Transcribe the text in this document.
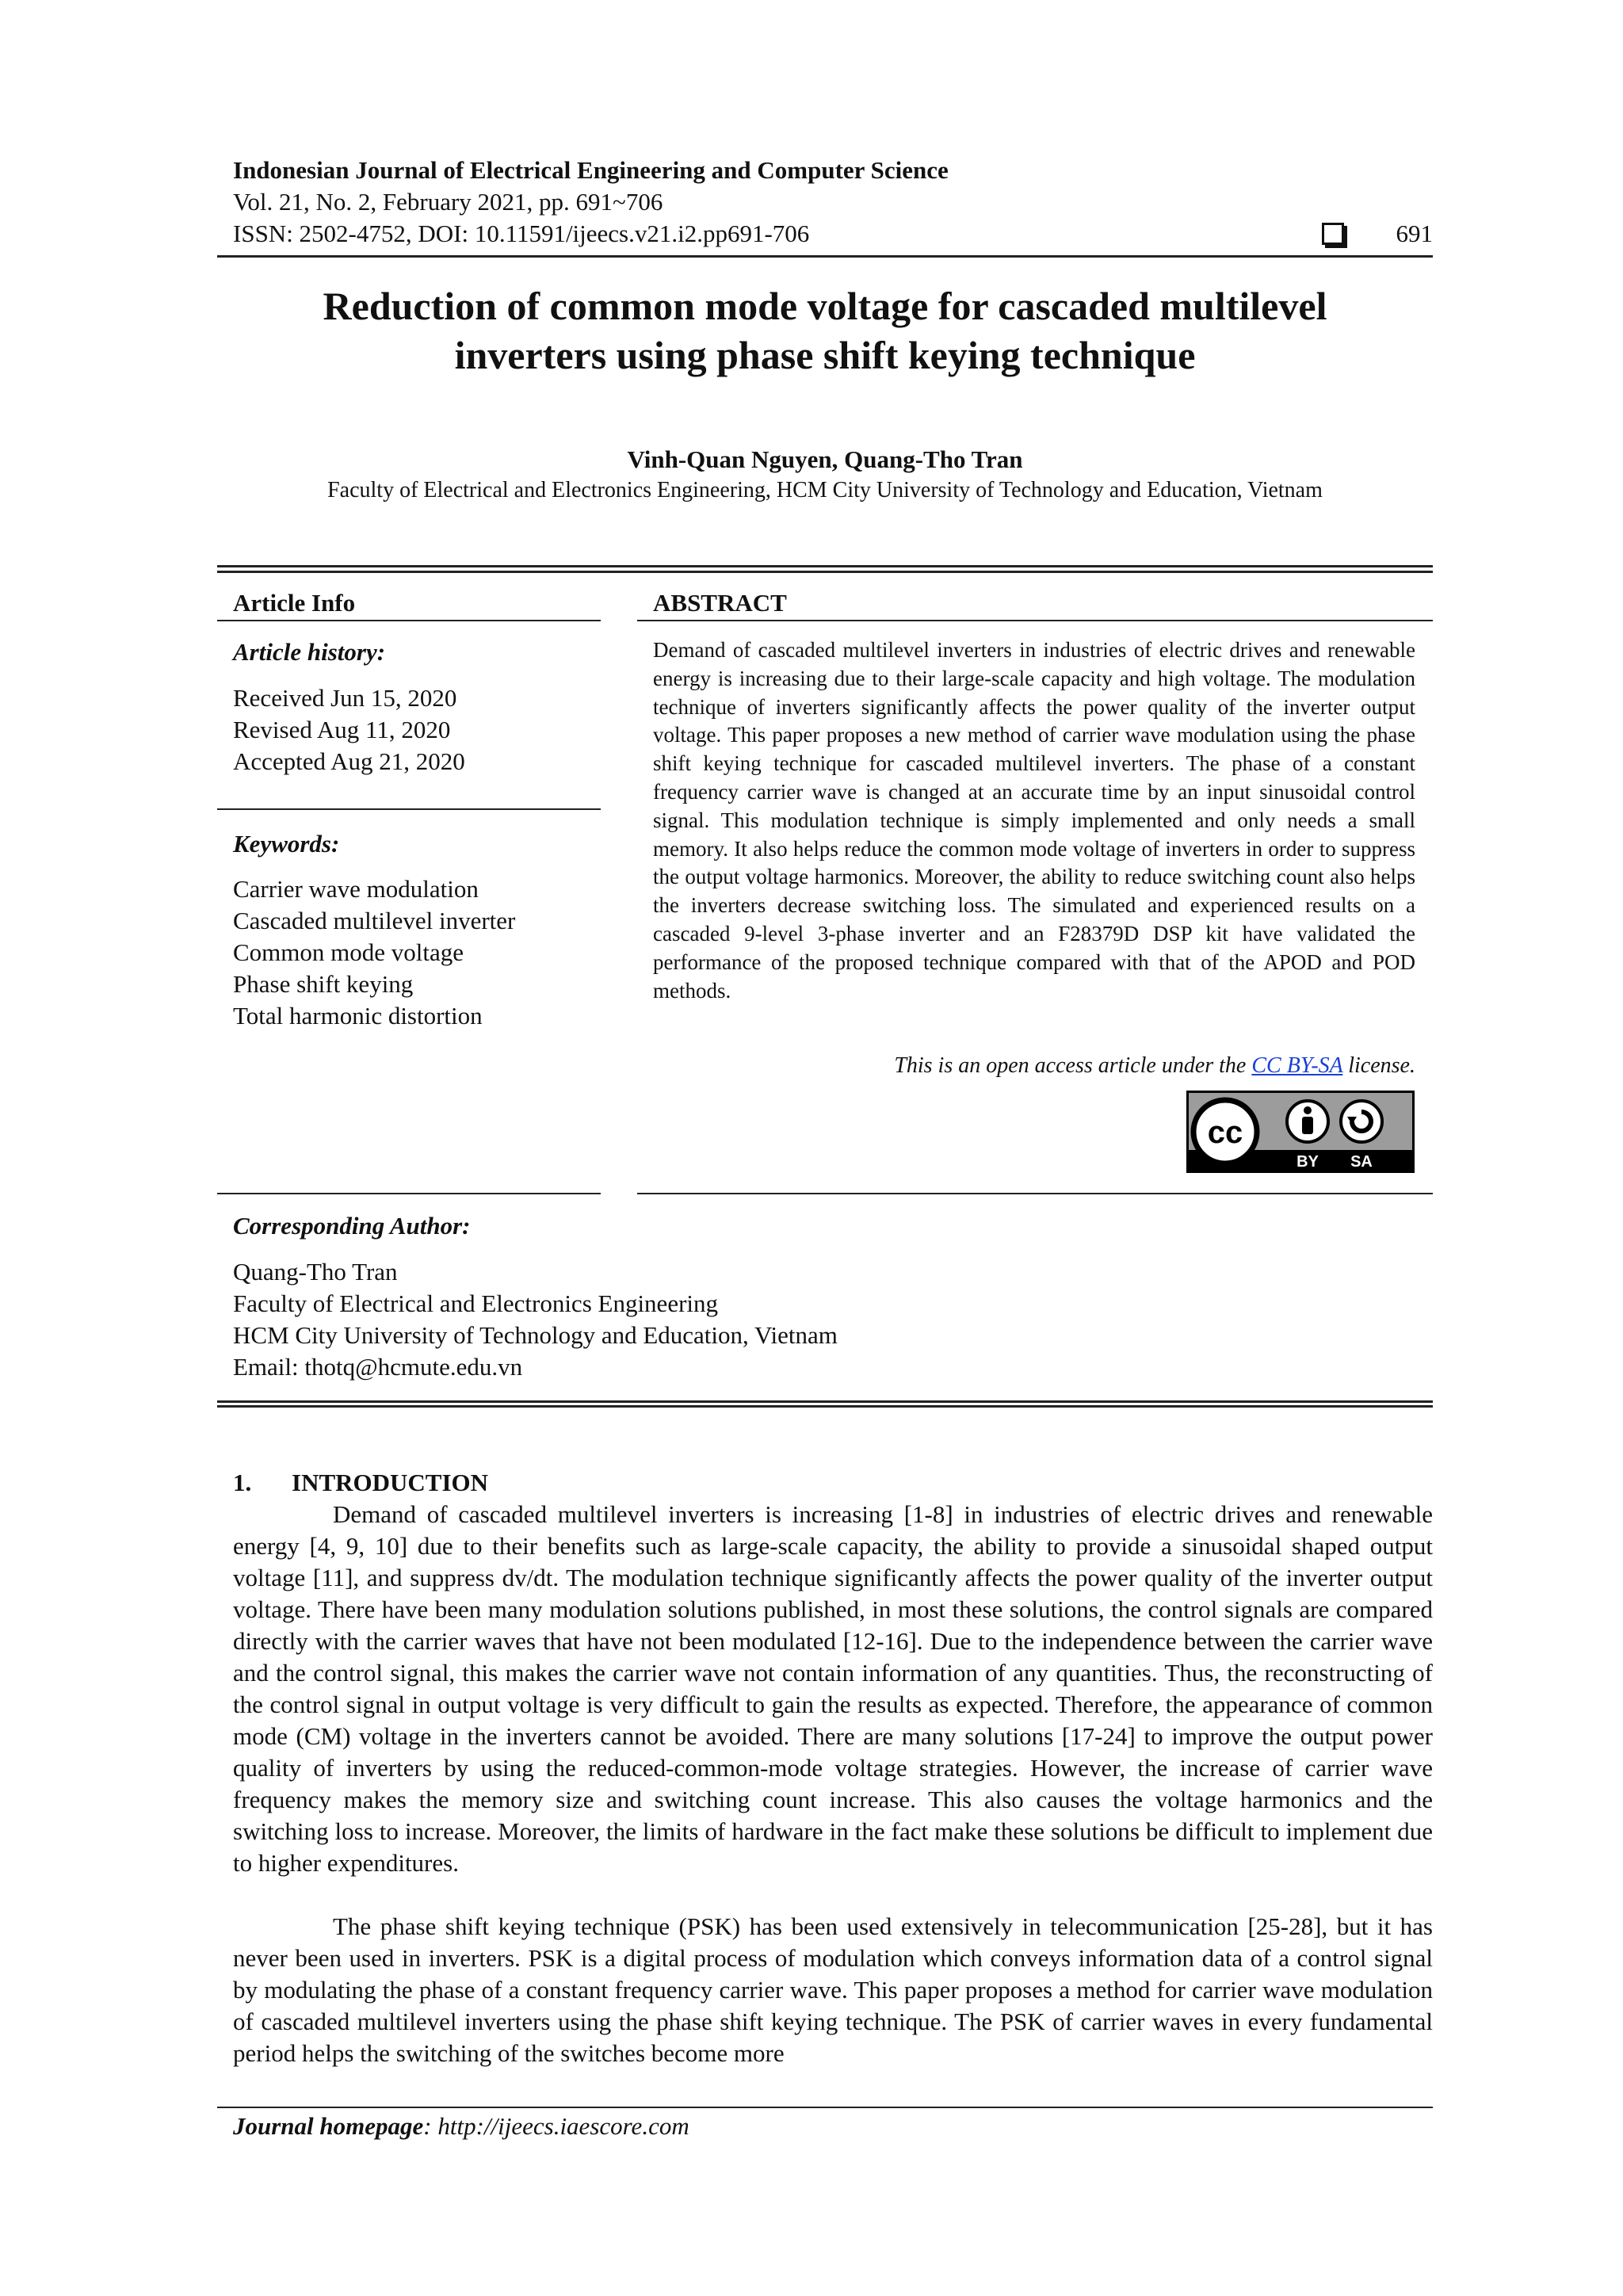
Indonesian Journal of Electrical Engineering and Computer Science
Vol. 21, No. 2, February 2021, pp. 691~706
ISSN: 2502-4752, DOI: 10.11591/ijeecs.v21.i2.pp691-706	691
Reduction of common mode voltage for cascaded multilevel
inverters using phase shift keying technique
Vinh-Quan Nguyen, Quang-Tho Tran
Faculty of Electrical and Electronics Engineering, HCM City University of Technology and Education, Vietnam
Article Info
Article history:
Received Jun 15, 2020
Revised Aug 11, 2020
Accepted Aug 21, 2020
Keywords:
Carrier wave modulation
Cascaded multilevel inverter
Common mode voltage
Phase shift keying
Total harmonic distortion
ABSTRACT
Demand of cascaded multilevel inverters in industries of electric drives and renewable energy is increasing due to their large-scale capacity and high voltage. The modulation technique of inverters significantly affects the power quality of the inverter output voltage. This paper proposes a new method of carrier wave modulation using the phase shift keying technique for cascaded multilevel inverters. The phase of a constant frequency carrier wave is changed at an accurate time by an input sinusoidal control signal. This modulation technique is simply implemented and only needs a small memory. It also helps reduce the common mode voltage of inverters in order to suppress the output voltage harmonics. Moreover, the ability to reduce switching count also helps the inverters decrease switching loss. The simulated and experienced results on a cascaded 9-level 3-phase inverter and an F28379D DSP kit have validated the performance of the proposed technique compared with that of the APOD and POD methods.
This is an open access article under the CC BY-SA license.
cc
BY SA
Corresponding Author:
Quang-Tho Tran
Faculty of Electrical and Electronics Engineering
HCM City University of Technology and Education, Vietnam
Email: thotq@hcmute.edu.vn
1. INTRODUCTION
Demand of cascaded multilevel inverters is increasing [1-8] in industries of electric drives and renewable energy [4, 9, 10] due to their benefits such as large-scale capacity, the ability to provide a sinusoidal shaped output voltage [11], and suppress dv/dt. The modulation technique significantly affects the power quality of the inverter output voltage. There have been many modulation solutions published, in most these solutions, the control signals are compared directly with the carrier waves that have not been modulated [12-16]. Due to the independence between the carrier wave and the control signal, this makes the carrier wave not contain information of any quantities. Thus, the reconstructing of the control signal in output voltage is very difficult to gain the results as expected. Therefore, the appearance of common mode (CM) voltage in the inverters cannot be avoided. There are many solutions [17-24] to improve the output power quality of inverters by using the reduced-common-mode voltage strategies. However, the increase of carrier wave frequency makes the memory size and switching count increase. This also causes the voltage harmonics and the switching loss to increase. Moreover, the limits of hardware in the fact make these solutions be difficult to implement due to higher expenditures.
The phase shift keying technique (PSK) has been used extensively in telecommunication [25-28], but it has never been used in inverters. PSK is a digital process of modulation which conveys information data of a control signal by modulating the phase of a constant frequency carrier wave. This paper proposes a method for carrier wave modulation of cascaded multilevel inverters using the phase shift keying technique. The PSK of carrier waves in every fundamental period helps the switching of the switches become more
Journal homepage: http://ijeecs.iaescore.com
